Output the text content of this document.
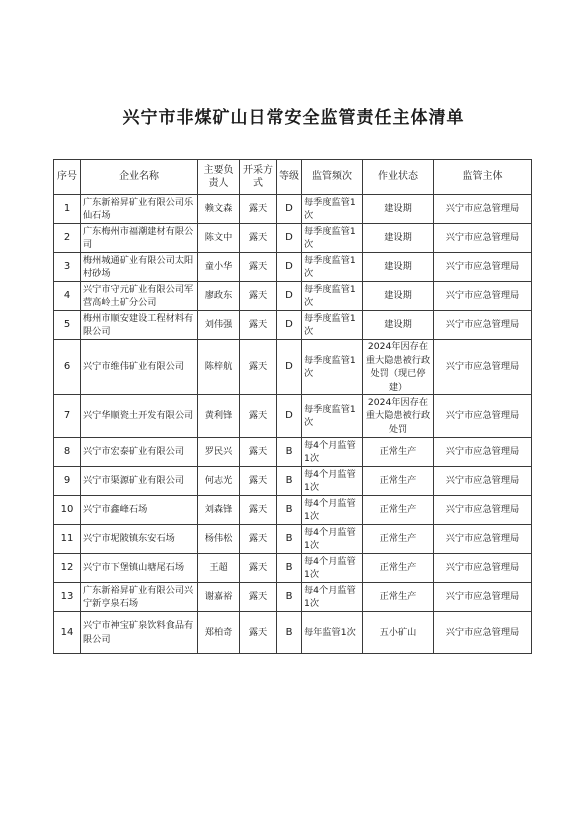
兴宁市非煤矿山日常安全监管责任主体清单
序号	企业名称	主要负责人	开采方式	等级	监管频次	作业状态	监管主体
1	广东新裕昇矿业有限公司乐仙石场	赖文森	露天	D	每季度监管1次	建设期	兴宁市应急管理局
2	广东梅州市福潮建材有限公司	陈文中	露天	D	每季度监管1次	建设期	兴宁市应急管理局
3	梅州城通矿业有限公司太阳村砂场	童小华	露天	D	每季度监管1次	建设期	兴宁市应急管理局
4	兴宁市守元矿业有限公司军营高岭土矿分公司	廖政东	露天	D	每季度监管1次	建设期	兴宁市应急管理局
5	梅州市顺安建设工程材料有限公司	刘伟强	露天	D	每季度监管1次	建设期	兴宁市应急管理局
6	兴宁市维伟矿业有限公司	陈梓航	露天	D	每季度监管1次	2024年因存在重大隐患被行政处罚（现已停建）	兴宁市应急管理局
7	兴宁华顺瓷土开发有限公司	黄利锋	露天	D	每季度监管1次	2024年因存在重大隐患被行政处罚	兴宁市应急管理局
8	兴宁市宏泰矿业有限公司	罗民兴	露天	B	每4个月监管1次	正常生产	兴宁市应急管理局
9	兴宁市渠源矿业有限公司	何志光	露天	B	每4个月监管1次	正常生产	兴宁市应急管理局
10	兴宁市鑫峰石场	刘森锋	露天	B	每4个月监管1次	正常生产	兴宁市应急管理局
11	兴宁市坭陂镇东安石场	杨伟松	露天	B	每4个月监管1次	正常生产	兴宁市应急管理局
12	兴宁市下堡镇山塘尾石场	王超	露天	B	每4个月监管1次	正常生产	兴宁市应急管理局
13	广东新裕昇矿业有限公司兴宁新亨泉石场	谢嘉裕	露天	B	每4个月监管1次	正常生产	兴宁市应急管理局
14	兴宁市神宝矿泉饮料食品有限公司	郑柏奇	露天	B	每年监管1次	五小矿山	兴宁市应急管理局
